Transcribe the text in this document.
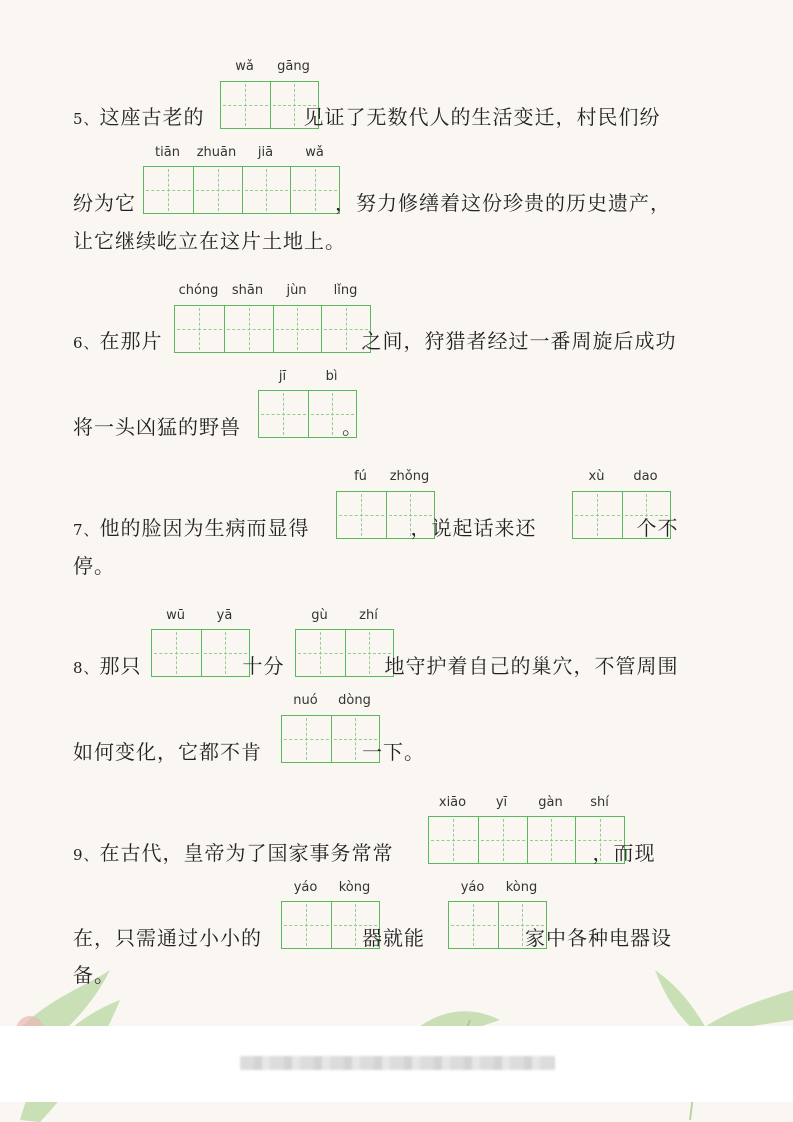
wǎ	gāng
5、这座古老的	见证了无数代人的生活变迁，村民们纷
tiān	zhuān	jiā	wǎ
纷为它	，努力修缮着这份珍贵的历史遗产，
让它继续屹立在这片土地上。
chóng	shān	jùn	lǐng
6、在那片	之间，狩猎者经过一番周旋后成功
jī	bì
将一头凶猛的野兽	。
fú	zhǒng	xù	dao
7、他的脸因为生病而显得	，说起话来还	个不
停。
wū	yā	gù	zhí
8、那只	十分	地守护着自己的巢穴，不管周围
nuó	dòng
如何变化，它都不肯	一下。
xiāo	yī	gàn	shí
9、在古代，皇帝为了国家事务常常	，而现
yáo	kòng	yáo	kòng
在，只需通过小小的	器就能	家中各种电器设
备。
